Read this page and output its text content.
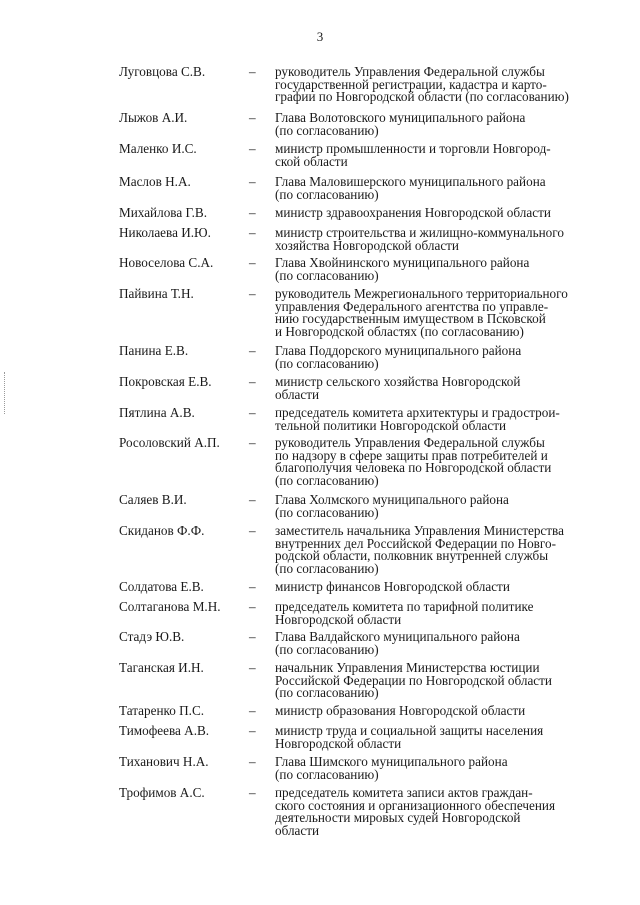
3
Луговцова С.В.	– руководитель Управления Федеральной службы
государственной регистрации, кадастра и карто-
графии по Новгородской области (по согласованию)
Лыжов А.И.	– Глава Волотовского муниципального района
(по согласованию)
Маленко И.С.	– министр промышленности и торговли Новгород-
ской области
Маслов Н.А.	– Глава Маловишерского муниципального района
(по согласованию)
Михайлова Г.В.	– министр здравоохранения Новгородской области
Николаева И.Ю.	– министр строительства и жилищно-коммунального
хозяйства Новгородской области
Новоселова С.А.	– Глава Хвойнинского муниципального района
(по согласованию)
Пайвина Т.Н.	– руководитель Межрегионального территориального
управления Федерального агентства по управле-
нию государственным имуществом в Псковской
и Новгородской областях (по согласованию)
Панина Е.В.	– Глава Поддорского муниципального района
(по согласованию)
Покровская Е.В.	– министр сельского хозяйства Новгородской
области
Пятлина А.В.	– председатель комитета архитектуры и градострои-
тельной политики Новгородской области
Росоловский А.П. – руководитель Управления Федеральной службы
по надзору в сфере защиты прав потребителей и
благополучия человека по Новгородской области
(по согласованию)
Саляев В.И.	– Глава Холмского муниципального района
(по согласованию)
Скиданов Ф.Ф.	– заместитель начальника Управления Министерства
внутренних дел Российской Федерации по Новго-
родской области, полковник внутренней службы
(по согласованию)
Солдатова Е.В.	– министр финансов Новгородской области
Солтаганова М.Н. – председатель комитета по тарифной политике
Новгородской области
Стадэ Ю.В.	– Глава Валдайского муниципального района
(по согласованию)
Таганская И.Н.	– начальник Управления Министерства юстиции
Российской Федерации по Новгородской области
(по согласованию)
Татаренко П.С.	– министр образования Новгородской области
Тимофеева А.В.	– министр труда и социальной защиты населения
Новгородской области
Тиханович Н.А.	– Глава Шимского муниципального района
(по согласованию)
Трофимов А.С.	– председатель комитета записи актов граждан-
ского состояния и организационного обеспечения
деятельности мировых судей Новгородской
области
